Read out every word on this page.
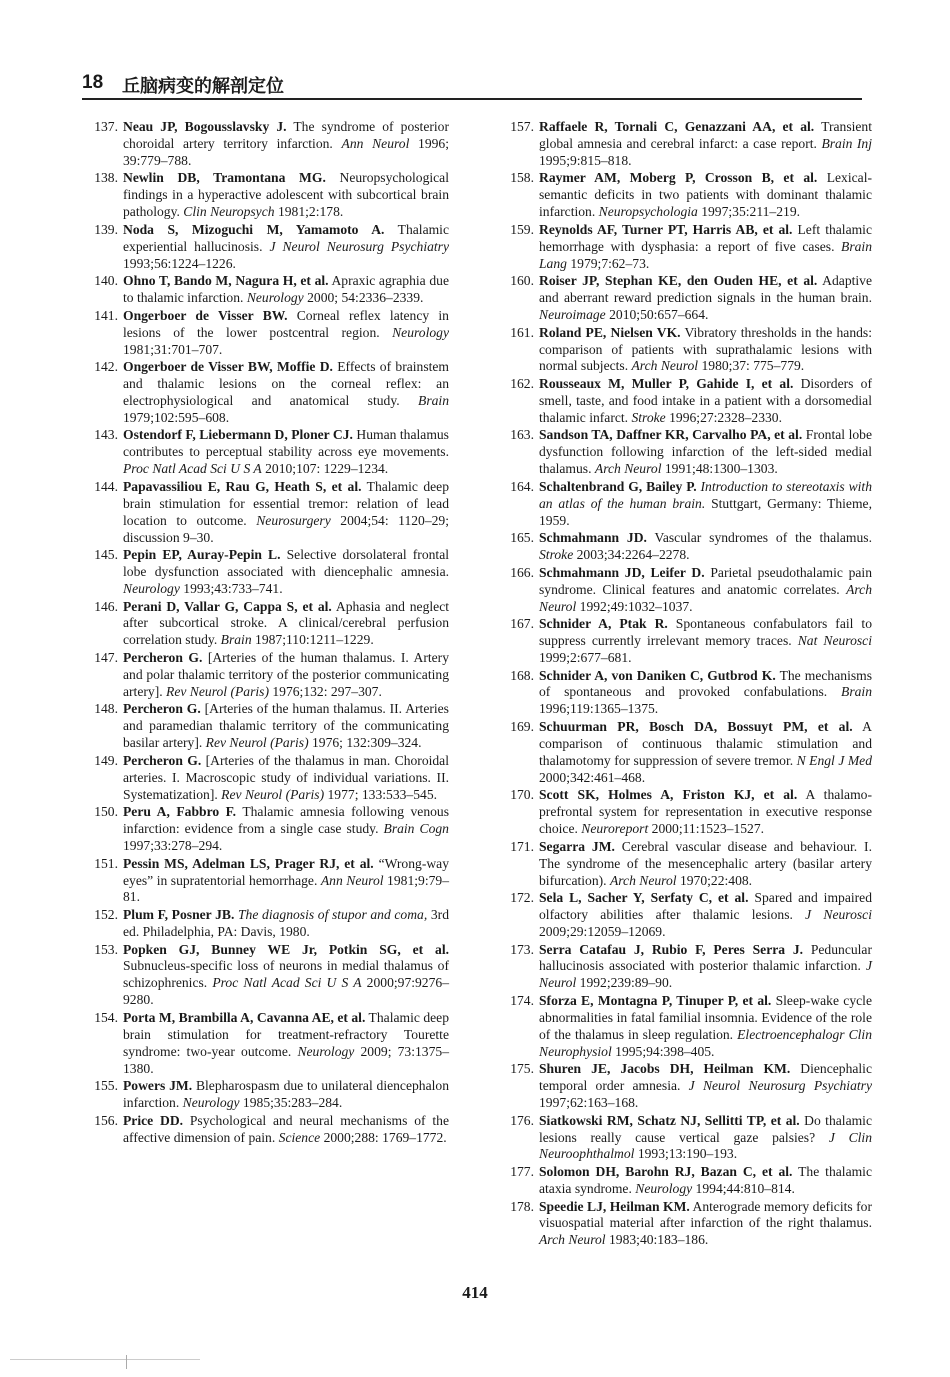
18 丘脑病变的解剖定位
137. Neau JP, Bogousslavsky J. The syndrome of posterior choroidal artery territory infarction. Ann Neurol 1996; 39:779–788.
138. Newlin DB, Tramontana MG. Neuropsychological findings in a hyperactive adolescent with subcortical brain pathology. Clin Neuropsych 1981;2:178.
139. Noda S, Mizoguchi M, Yamamoto A. Thalamic experiential hallucinosis. J Neurol Neurosurg Psychiatry 1993;56:1224–1226.
140. Ohno T, Bando M, Nagura H, et al. Apraxic agraphia due to thalamic infarction. Neurology 2000; 54:2336–2339.
141. Ongerboer de Visser BW. Corneal reflex latency in lesions of the lower postcentral region. Neurology 1981;31:701–707.
142. Ongerboer de Visser BW, Moffie D. Effects of brainstem and thalamic lesions on the corneal reflex: an electrophysiological and anatomical study. Brain 1979;102:595–608.
143. Ostendorf F, Liebermann D, Ploner CJ. Human thalamus contributes to perceptual stability across eye movements. Proc Natl Acad Sci U S A 2010;107: 1229–1234.
144. Papavassiliou E, Rau G, Heath S, et al. Thalamic deep brain stimulation for essential tremor: relation of lead location to outcome. Neurosurgery 2004;54: 1120–29; discussion 9–30.
145. Pepin EP, Auray-Pepin L. Selective dorsolateral frontal lobe dysfunction associated with diencephalic amnesia. Neurology 1993;43:733–741.
146. Perani D, Vallar G, Cappa S, et al. Aphasia and neglect after subcortical stroke. A clinical/cerebral perfusion correlation study. Brain 1987;110:1211–1229.
147. Percheron G. [Arteries of the human thalamus. I. Artery and polar thalamic territory of the posterior communicating artery]. Rev Neurol (Paris) 1976;132: 297–307.
148. Percheron G. [Arteries of the human thalamus. II. Arteries and paramedian thalamic territory of the communicating basilar artery]. Rev Neurol (Paris) 1976; 132:309–324.
149. Percheron G. [Arteries of the thalamus in man. Choroidal arteries. I. Macroscopic study of individual variations. II. Systematization]. Rev Neurol (Paris) 1977; 133:533–545.
150. Peru A, Fabbro F. Thalamic amnesia following venous infarction: evidence from a single case study. Brain Cogn 1997;33:278–294.
151. Pessin MS, Adelman LS, Prager RJ, et al. “Wrong-way eyes” in supratentorial hemorrhage. Ann Neurol 1981;9:79–81.
152. Plum F, Posner JB. The diagnosis of stupor and coma, 3rd ed. Philadelphia, PA: Davis, 1980.
153. Popken GJ, Bunney WE Jr, Potkin SG, et al. Subnucleus-specific loss of neurons in medial thalamus of schizophrenics. Proc Natl Acad Sci U S A 2000;97:9276–9280.
154. Porta M, Brambilla A, Cavanna AE, et al. Thalamic deep brain stimulation for treatment-refractory Tourette syndrome: two-year outcome. Neurology 2009; 73:1375–1380.
155. Powers JM. Blepharospasm due to unilateral diencephalon infarction. Neurology 1985;35:283–284.
156. Price DD. Psychological and neural mechanisms of the affective dimension of pain. Science 2000;288: 1769–1772.
157. Raffaele R, Tornali C, Genazzani AA, et al. Transient global amnesia and cerebral infarct: a case report. Brain Inj 1995;9:815–818.
158. Raymer AM, Moberg P, Crosson B, et al. Lexical-semantic deficits in two patients with dominant thalamic infarction. Neuropsychologia 1997;35:211–219.
159. Reynolds AF, Turner PT, Harris AB, et al. Left thalamic hemorrhage with dysphasia: a report of five cases. Brain Lang 1979;7:62–73.
160. Roiser JP, Stephan KE, den Ouden HE, et al. Adaptive and aberrant reward prediction signals in the human brain. Neuroimage 2010;50:657–664.
161. Roland PE, Nielsen VK. Vibratory thresholds in the hands: comparison of patients with suprathalamic lesions with normal subjects. Arch Neurol 1980;37: 775–779.
162. Rousseaux M, Muller P, Gahide I, et al. Disorders of smell, taste, and food intake in a patient with a dorsomedial thalamic infarct. Stroke 1996;27:2328–2330.
163. Sandson TA, Daffner KR, Carvalho PA, et al. Frontal lobe dysfunction following infarction of the left-sided medial thalamus. Arch Neurol 1991;48:1300–1303.
164. Schaltenbrand G, Bailey P. Introduction to stereotaxis with an atlas of the human brain. Stuttgart, Germany: Thieme, 1959.
165. Schmahmann JD. Vascular syndromes of the thalamus. Stroke 2003;34:2264–2278.
166. Schmahmann JD, Leifer D. Parietal pseudothalamic pain syndrome. Clinical features and anatomic correlates. Arch Neurol 1992;49:1032–1037.
167. Schnider A, Ptak R. Spontaneous confabulators fail to suppress currently irrelevant memory traces. Nat Neurosci 1999;2:677–681.
168. Schnider A, von Daniken C, Gutbrod K. The mechanisms of spontaneous and provoked confabulations. Brain 1996;119:1365–1375.
169. Schuurman PR, Bosch DA, Bossuyt PM, et al. A comparison of continuous thalamic stimulation and thalamotomy for suppression of severe tremor. N Engl J Med 2000;342:461–468.
170. Scott SK, Holmes A, Friston KJ, et al. A thalamo-prefrontal system for representation in executive response choice. Neuroreport 2000;11:1523–1527.
171. Segarra JM. Cerebral vascular disease and behaviour. I. The syndrome of the mesencephalic artery (basilar artery bifurcation). Arch Neurol 1970;22:408.
172. Sela L, Sacher Y, Serfaty C, et al. Spared and impaired olfactory abilities after thalamic lesions. J Neurosci 2009;29:12059–12069.
173. Serra Catafau J, Rubio F, Peres Serra J. Peduncular hallucinosis associated with posterior thalamic infarction. J Neurol 1992;239:89–90.
174. Sforza E, Montagna P, Tinuper P, et al. Sleep-wake cycle abnormalities in fatal familial insomnia. Evidence of the role of the thalamus in sleep regulation. Electroencephalogr Clin Neurophysiol 1995;94:398–405.
175. Shuren JE, Jacobs DH, Heilman KM. Diencephalic temporal order amnesia. J Neurol Neurosurg Psychiatry 1997;62:163–168.
176. Siatkowski RM, Schatz NJ, Sellitti TP, et al. Do thalamic lesions really cause vertical gaze palsies? J Clin Neuroophthalmol 1993;13:190–193.
177. Solomon DH, Barohn RJ, Bazan C, et al. The thalamic ataxia syndrome. Neurology 1994;44:810–814.
178. Speedie LJ, Heilman KM. Anterograde memory deficits for visuospatial material after infarction of the right thalamus. Arch Neurol 1983;40:183–186.
414
